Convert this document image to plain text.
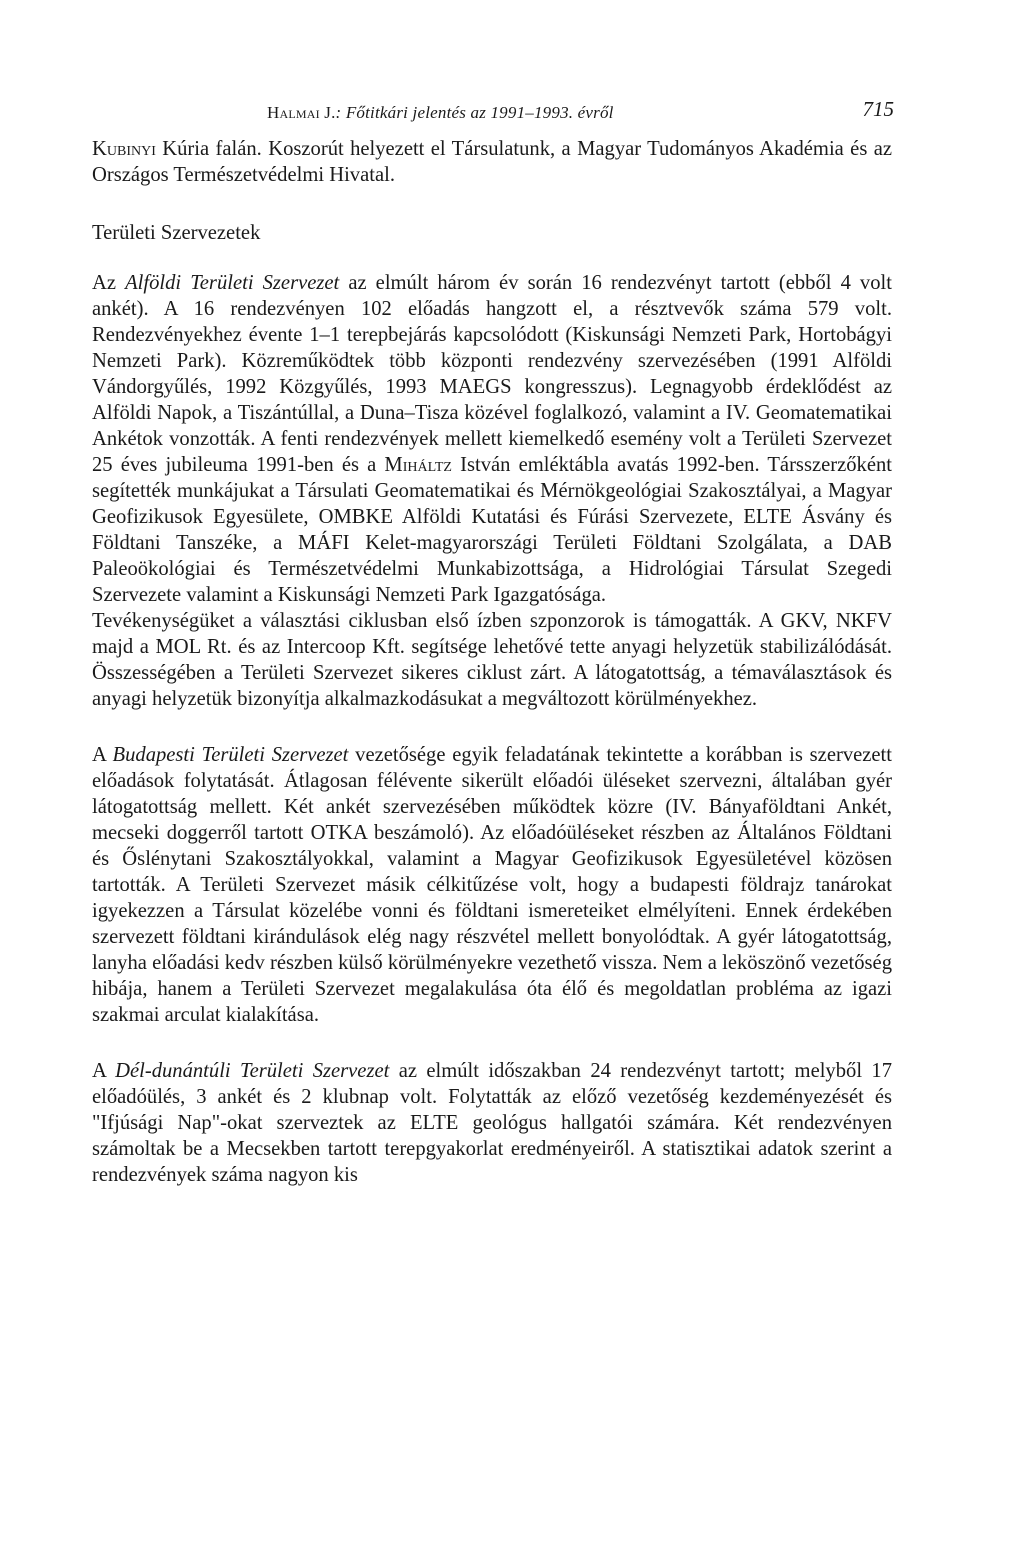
Halmai J.: Főtitkári jelentés az 1991–1993. évről	715

Kubinyi Kúria falán. Koszorút helyezett el Társulatunk, a Magyar Tudományos Akadémia és az Országos Természetvédelmi Hivatal.

Területi Szervezetek

Az Alföldi Területi Szervezet az elmúlt három év során 16 rendezvényt tartott (ebből 4 volt ankét). A 16 rendezvényen 102 előadás hangzott el, a résztvevők száma 579 volt. Rendezvényekhez évente 1–1 terepbejárás kapcsolódott (Kiskunsági Nemzeti Park, Hortobágyi Nemzeti Park). Közreműködtek több központi rendezvény szervezésében (1991 Alföldi Vándorgyűlés, 1992 Közgyűlés, 1993 MAEGS kongresszus). Legnagyobb érdeklődést az Alföldi Napok, a Tiszántúllal, a Duna–Tisza közével foglalkozó, valamint a IV. Geomatematikai Ankétok vonzották. A fenti rendezvények mellett kiemelkedő esemény volt a Területi Szervezet 25 éves jubileuma 1991-ben és a Miháltz István emléktábla avatás 1992-ben. Társszerzőként segítették munkájukat a Társulati Geomatematikai és Mérnökgeológiai Szakosztályai, a Magyar Geofizikusok Egyesülete, OMBKE Alföldi Kutatási és Fúrási Szervezete, ELTE Ásvány és Földtani Tanszéke, a MÁFI Kelet-magyarországi Területi Földtani Szolgálata, a DAB Paleoökológiai és Természetvédelmi Munkabizottsága, a Hidrológiai Társulat Szegedi Szervezete valamint a Kiskunsági Nemzeti Park Igazgatósága.

Tevékenységüket a választási ciklusban első ízben szponzorok is támogatták. A GKV, NKFV majd a MOL Rt. és az Intercoop Kft. segítsége lehetővé tette anyagi helyzetük stabilizálódását. Összességében a Területi Szervezet sikeres ciklust zárt. A látogatottság, a témaválasztások és anyagi helyzetük bizonyítja alkalmazkodásukat a megváltozott körülményekhez.

A Budapesti Területi Szervezet vezetősége egyik feladatának tekintette a korábban is szervezett előadások folytatását. Átlagosan félévente sikerült előadói üléseket szervezni, általában gyér látogatottság mellett. Két ankét szervezésében működtek közre (IV. Bányaföldtani Ankét, mecseki doggerről tartott OTKA beszámoló). Az előadóüléseket részben az Általános Földtani és Őslénytani Szakosztályokkal, valamint a Magyar Geofizikusok Egyesületével közösen tartották. A Területi Szervezet másik célkitűzése volt, hogy a budapesti földrajz tanárokat igyekezzen a Társulat közelébe vonni és földtani ismereteiket elmélyíteni. Ennek érdekében szervezett földtani kirándulások elég nagy részvétel mellett bonyolódtak. A gyér látogatottság, lanyha előadási kedv részben külső körülményekre vezethető vissza. Nem a leköszönő vezetőség hibája, hanem a Területi Szervezet megalakulása óta élő és megoldatlan probléma az igazi szakmai arculat kialakítása.

A Dél-dunántúli Területi Szervezet az elmúlt időszakban 24 rendezvényt tartott; melyből 17 előadóülés, 3 ankét és 2 klubnap volt. Folytatták az előző vezetőség kezdeményezését és "Ifjúsági Nap"-okat szerveztek az ELTE geológus hallgatói számára. Két rendezvényen számoltak be a Mecsekben tartott terepgyakorlat eredményeiről. A statisztikai adatok szerint a rendezvények száma nagyon kis
